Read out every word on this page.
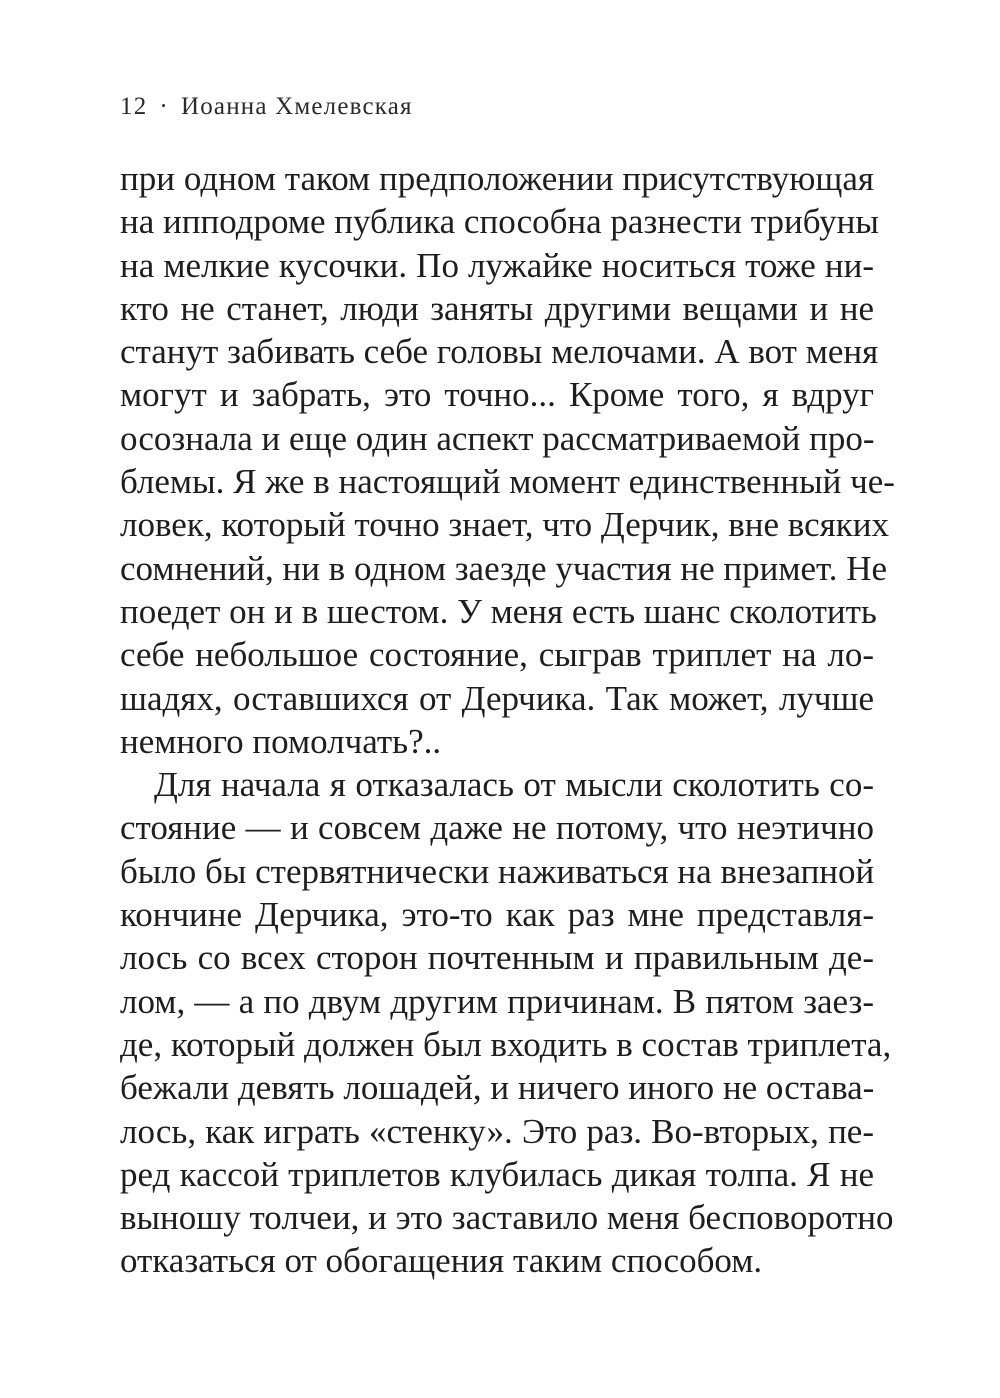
12 · Иоанна Хмелевская
при одном таком предположении присутствующая
на ипподроме публика способна разнести трибуны
на мелкие кусочки. По лужайке носиться тоже ни-
кто не станет, люди заняты другими вещами и не
станут забивать себе головы мелочами. А вот меня
могут и забрать, это точно... Кроме того, я вдруг
осознала и еще один аспект рассматриваемой про-
блемы. Я же в настоящий момент единственный че-
ловек, который точно знает, что Дерчик, вне всяких
сомнений, ни в одном заезде участия не примет. Не
поедет он и в шестом. У меня есть шанс сколотить
себе небольшое состояние, сыграв триплет на ло-
шадях, оставшихся от Дерчика. Так может, лучше
немного помолчать?..
Для начала я отказалась от мысли сколотить со-
стояние — и совсем даже не потому, что неэтично
было бы стервятнически наживаться на внезапной
кончине Дерчика, это-то как раз мне представля-
лось со всех сторон почтенным и правильным де-
лом, — а по двум другим причинам. В пятом заез-
де, который должен был входить в состав триплета,
бежали девять лошадей, и ничего иного не остава-
лось, как играть «стенку». Это раз. Во-вторых, пе-
ред кассой триплетов клубилась дикая толпа. Я не
выношу толчеи, и это заставило меня бесповоротно
отказаться от обогащения таким способом.
